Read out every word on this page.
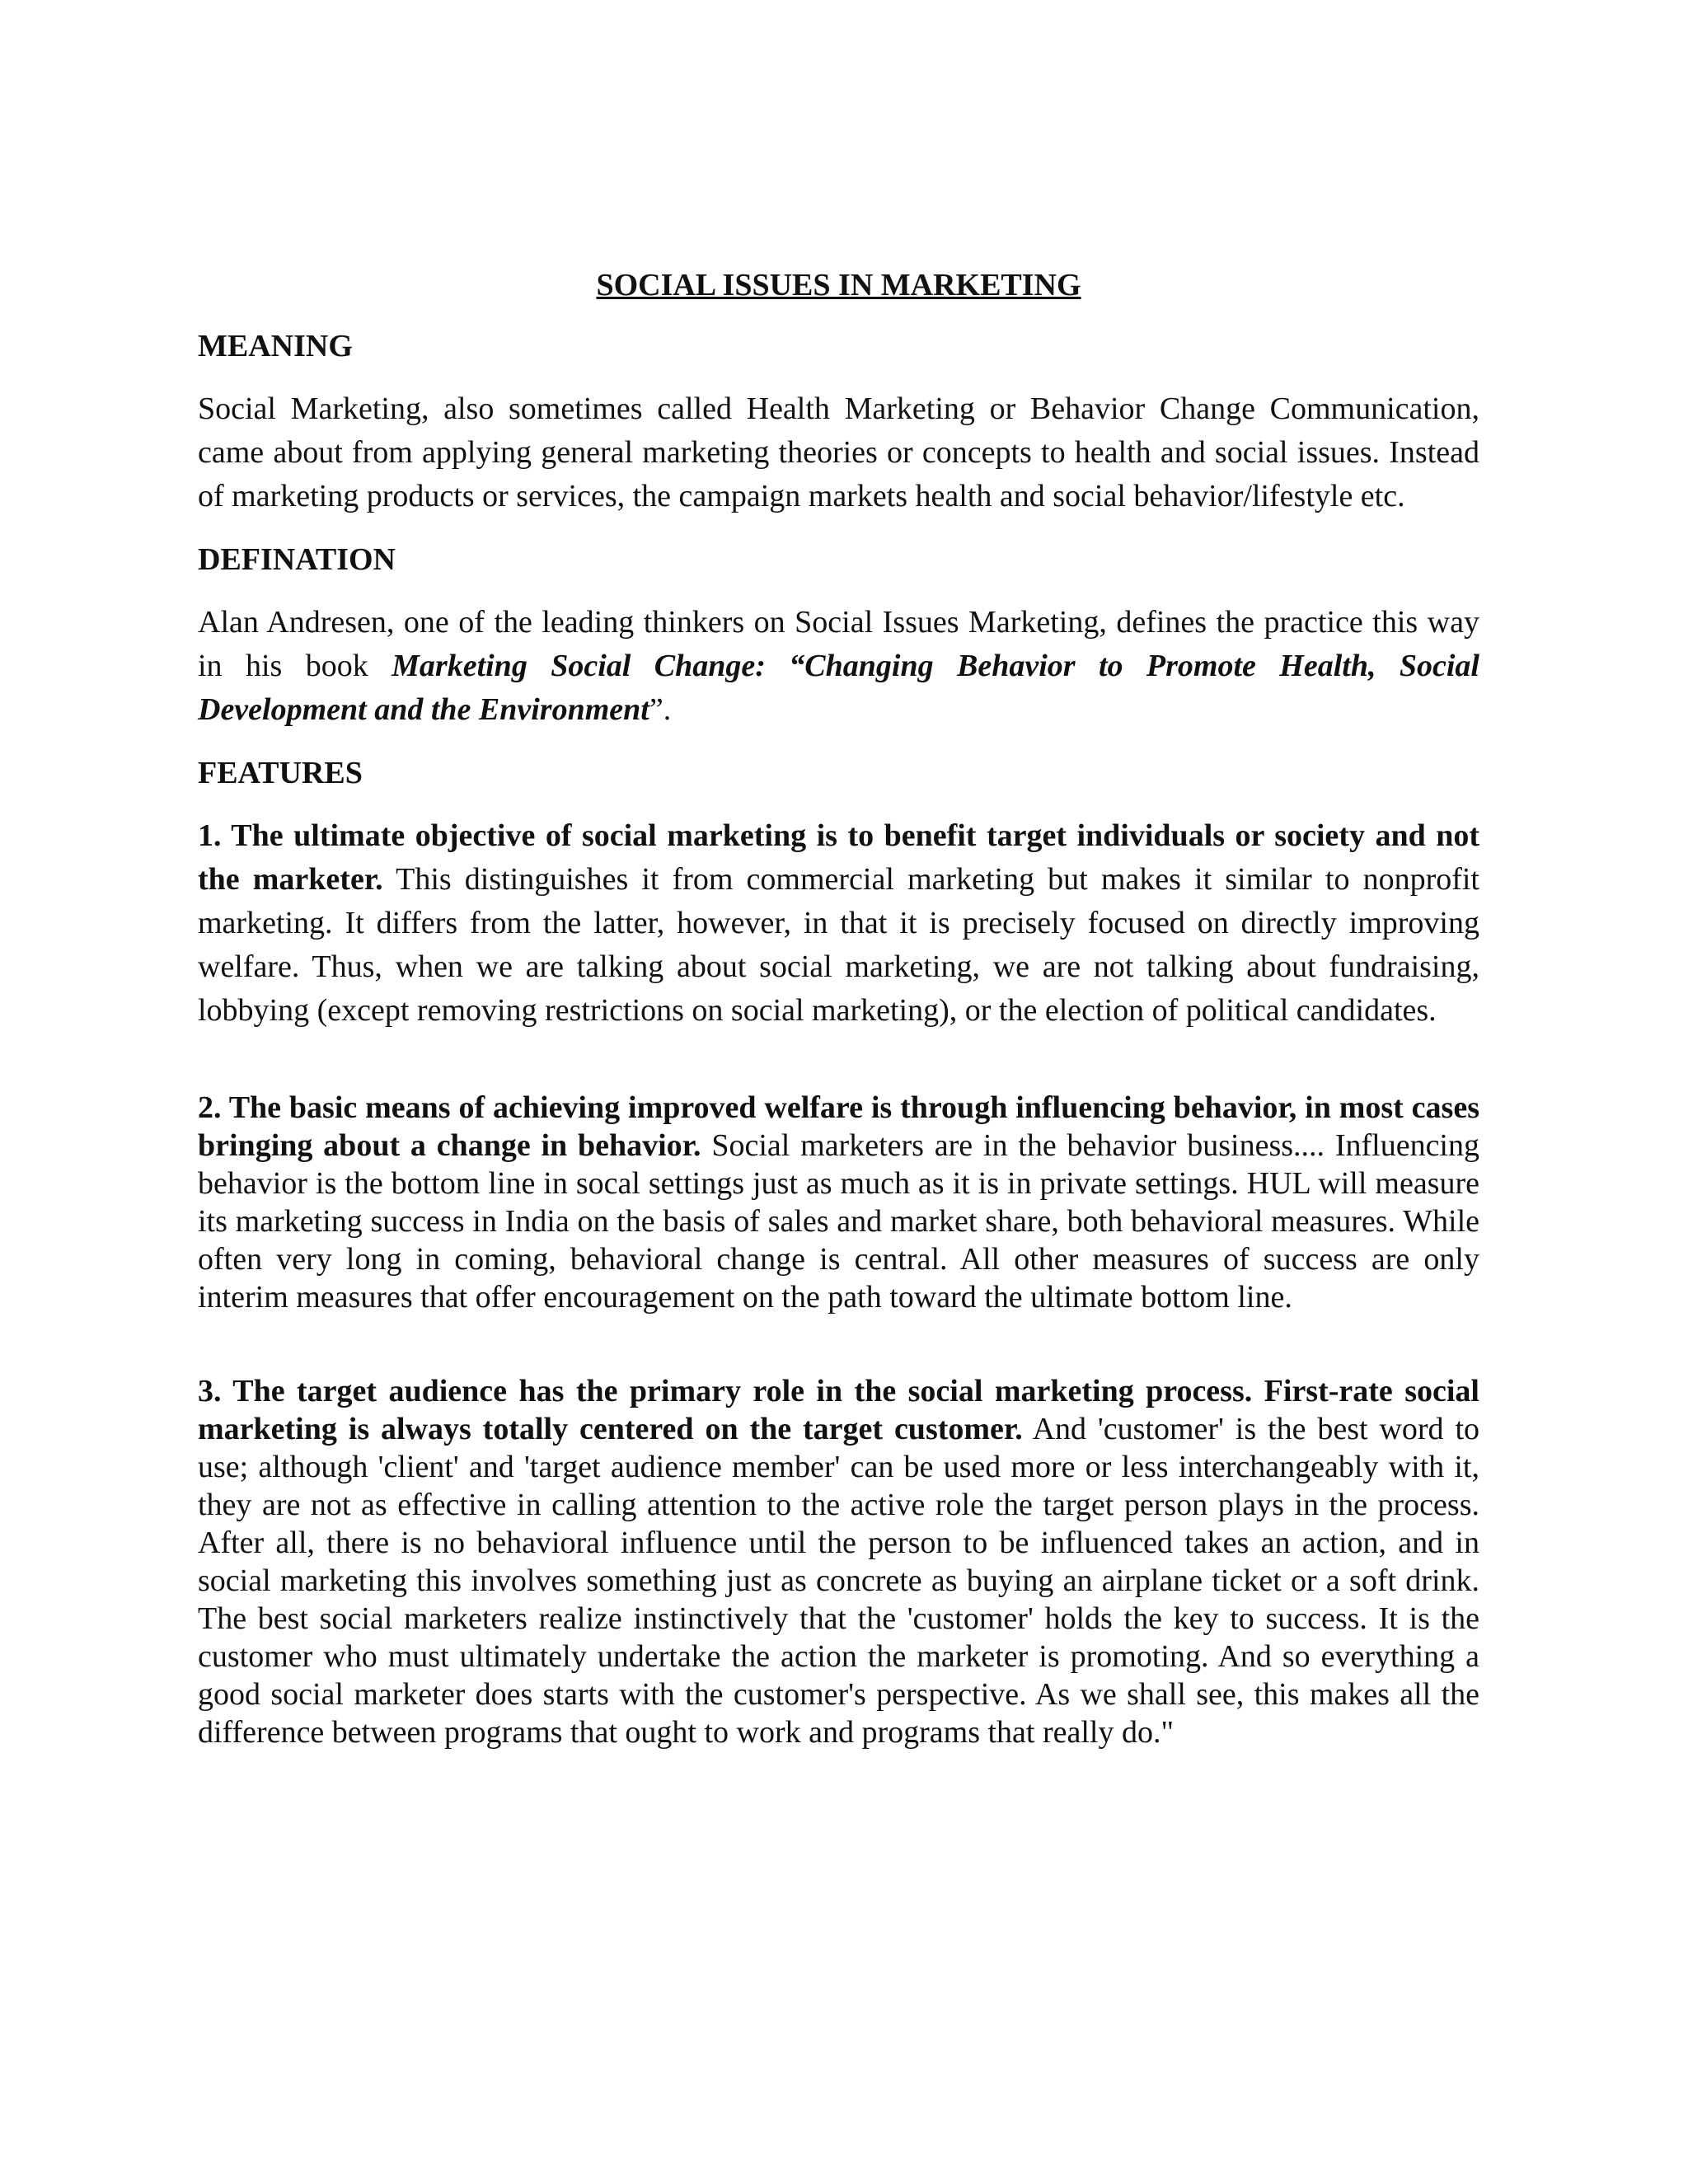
SOCIAL ISSUES IN MARKETING
MEANING

Social Marketing, also sometimes called Health Marketing or Behavior Change Communication, came about from applying general marketing theories or concepts to health and social issues. Instead of marketing products or services, the campaign markets health and social behavior/lifestyle etc.

DEFINATION

Alan Andresen, one of the leading thinkers on Social Issues Marketing, defines the practice this way in his book Marketing Social Change: “Changing Behavior to Promote Health, Social Development and the Environment”.

FEATURES

1. The ultimate objective of social marketing is to benefit target individuals or society and not the marketer. This distinguishes it from commercial marketing but makes it similar to nonprofit marketing. It differs from the latter, however, in that it is precisely focused on directly improving welfare. Thus, when we are talking about social marketing, we are not talking about fundraising, lobbying (except removing restrictions on social marketing), or the election of political candidates.

2. The basic means of achieving improved welfare is through influencing behavior, in most cases bringing about a change in behavior. Social marketers are in the behavior business.... Influencing behavior is the bottom line in socal settings just as much as it is in private settings. HUL will measure its marketing success in India on the basis of sales and market share, both behavioral measures. While often very long in coming, behavioral change is central. All other measures of success are only interim measures that offer encouragement on the path toward the ultimate bottom line.

3. The target audience has the primary role in the social marketing process. First-rate social marketing is always totally centered on the target customer. And 'customer' is the best word to use; although 'client' and 'target audience member' can be used more or less interchangeably with it, they are not as effective in calling attention to the active role the target person plays in the process. After all, there is no behavioral influence until the person to be influenced takes an action, and in social marketing this involves something just as concrete as buying an airplane ticket or a soft drink. The best social marketers realize instinctively that the 'customer' holds the key to success. It is the customer who must ultimately undertake the action the marketer is promoting. And so everything a good social marketer does starts with the customer's perspective. As we shall see, this makes all the difference between programs that ought to work and programs that really do."
